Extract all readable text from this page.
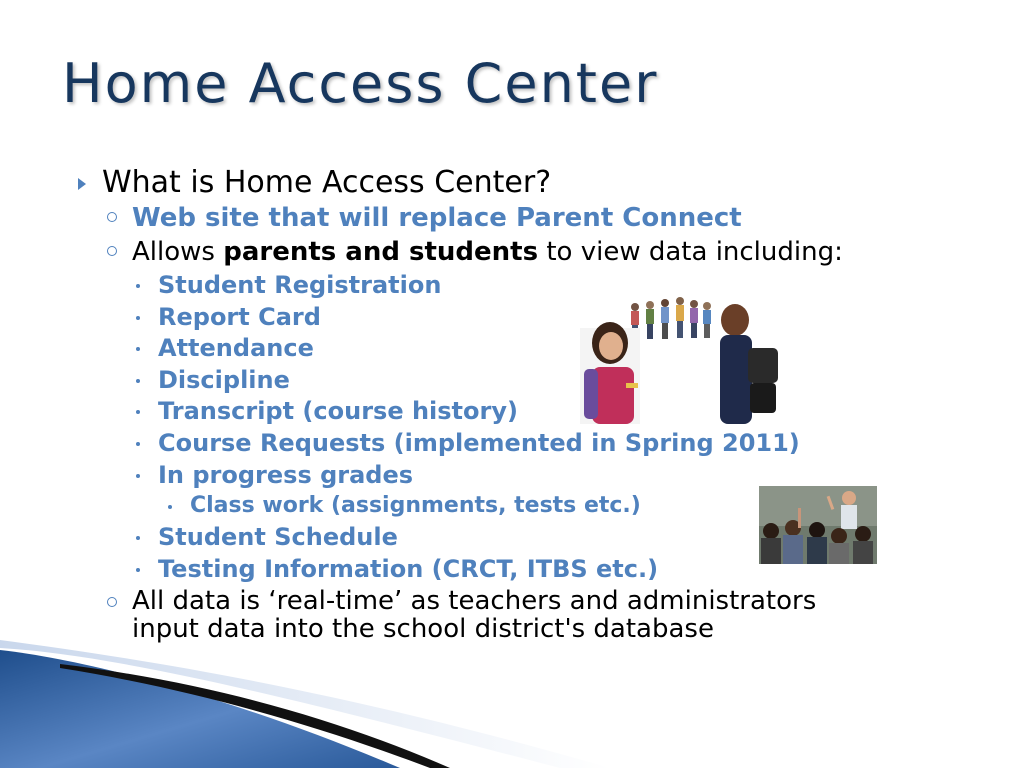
Home Access Center
What is Home Access Center?
Web site that will replace Parent Connect
Allows parents and students to view data including:
Student Registration
Report Card
Attendance
Discipline
Transcript (course history)
Course Requests (implemented in Spring 2011)
In progress grades
Class work (assignments, tests etc.)
Student Schedule
Testing Information (CRCT, ITBS etc.)
All data is ‘real-time’ as teachers and administrators
input data into the school district's database
